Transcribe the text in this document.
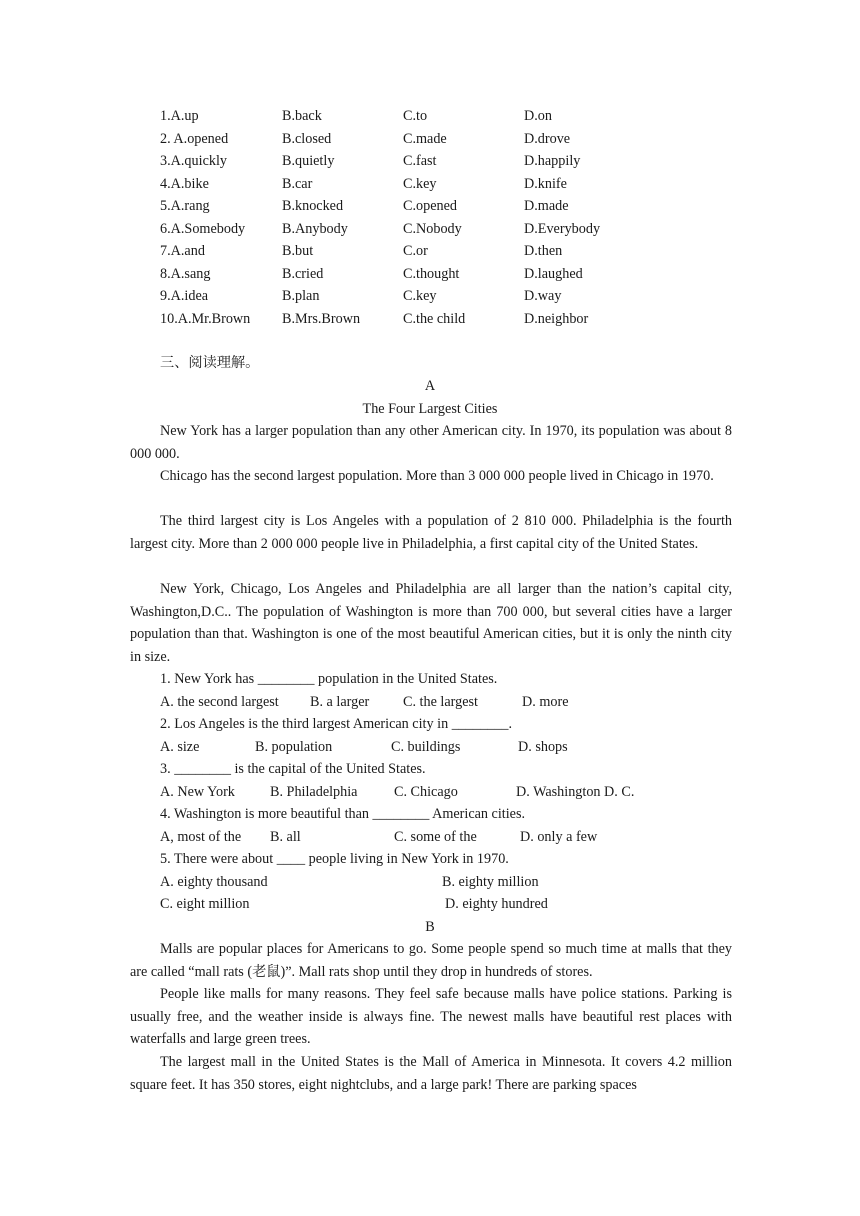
1.A.up	B.back	C.to	D.on
2. A.opened	B.closed	C.made	D.drove
3.A.quickly	B.quietly	C.fast	D.happily
4.A.bike	B.car	C.key	D.knife
5.A.rang	B.knocked	C.opened	D.made
6.A.Somebody	B.Anybody	C.Nobody	D.Everybody
7.A.and	B.but	C.or	D.then
8.A.sang	B.cried	C.thought	D.laughed
9.A.idea	B.plan	C.key	D.way
10.A.Mr.Brown B.Mrs.Brown	C.the child	D.neighbor
三、阅读理解。
A
The Four Largest Cities
New York has a larger population than any other American city. In 1970, its population was about 8 000 000.
Chicago has the second largest population. More than 3 000 000 people lived in Chicago in 1970.
The third largest city is Los Angeles with a population of 2 810 000. Philadelphia is the fourth largest city. More than 2 000 000 people live in Philadelphia, a first capital city of the United States.
New York, Chicago, Los Angeles and Philadelphia are all larger than the nation’s capital city, Washington,D.C.. The population of Washington is more than 700 000, but several cities have a larger population than that. Washington is one of the most beautiful American cities, but it is only the ninth city in size.
1. New York has ________ population in the United States.
A. the second largest B. a larger C. the largest	D. more
2. Los Angeles is the third largest American city in ________.
A. size	B. population	C. buildings	D. shops
3. ________ is the capital of the United States.
A. New York B. Philadelphia	C. Chicago	D. Washington D. C.
4. Washington is more beautiful than ________ American cities.
A, most of the B. all	C. some of the	D. only a few
5. There were about ____ people living in New York in 1970.
A. eighty thousand	B. eighty million
C. eight million	D. eighty hundred
B
Malls are popular places for Americans to go. Some people spend so much time at malls that they are called “mall rats (老鼠)”. Mall rats shop until they drop in hundreds of stores.
People like malls for many reasons. They feel safe because malls have police stations. Parking is usually free, and the weather inside is always fine. The newest malls have beautiful rest places with waterfalls and large green trees.
The largest mall in the United States is the Mall of America in Minnesota. It covers 4.2 million square feet. It has 350 stores, eight nightclubs, and a large park! There are parking spaces
